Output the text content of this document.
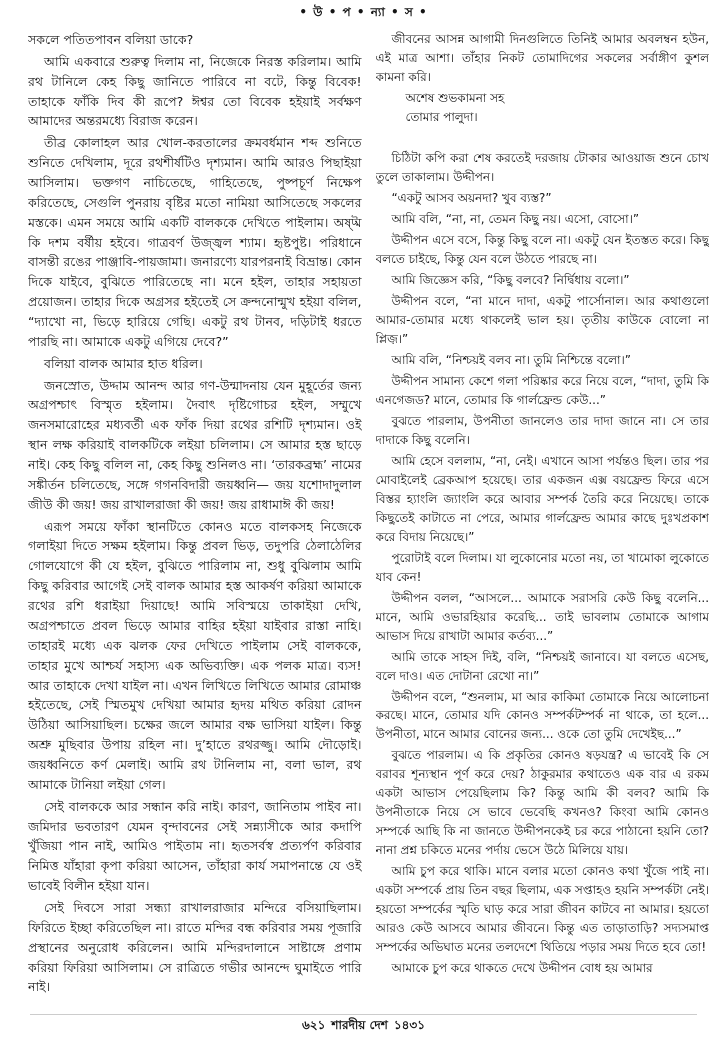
• উ • প • ন্যা • স •

সকলে পতিতপাবন বলিয়া ডাকে?

আমি একবারে শুরুত্ব দিলাম না, নিজেকে নিরস্ত করিলাম। আমি রথ টানিলে কেহ কিছু জানিতে পারিবে না বটে, কিন্তু বিবেক! তাহাকে ফাঁকি দিব কী রূপে? ঈশ্বর তো বিবেক হইয়াই সর্বক্ষণ আমাদের অন্তরমধ্যে বিরাজ করেন।

তীব্র কোলাহল আর খোল-করতালের ক্রমবর্ধমান শব্দ শুনিতে শুনিতে দেখিলাম, দূরে রথশীর্ষটিও দৃশ্যমান। আমি আরও পিছাইয়া আসিলাম। ভক্তগণ নাচিতেছে, গাহিতেছে, পুষ্পচূর্ণ নিক্ষেপ করিতেছে, সেগুলি পুনরায় বৃষ্টির মতো নামিয়া আসিতেছে সকলের মস্তকে। এমন সময়ে আমি একটি বালককে দেখিতে পাইলাম। অষ্ট্ম কি দশম বর্ষীয় হইবে। গাত্রবর্ণ উজ্জ্বল শ্যাম। হৃষ্টপুষ্ট। পরিধানে বাসন্তী রঙের পাঞ্জাবি-পায়জামা। জনারণ্যে যারপরনাই বিভ্রান্ত। কোন দিকে যাইবে, বুঝিতে পারিতেছে না। মনে হইল, তাহার সহায়তা প্রয়োজন। তাহার দিকে অগ্রসর হইতেই সে ক্রন্দনোন্মুখ হইয়া বলিল, “দ্যাখো না, ভিড়ে হারিয়ে গেছি। একটু রথ টানব, দড়িটাই ধরতে পারছি না। আমাকে একটু এগিয়ে দেবে?”

বলিয়া বালক আমার হাত ধরিল।

জনস্রোত, উদ্দাম আনন্দ আর গণ-উন্মাদনায় যেন মুহূর্তের জন্য অগ্রপশ্চাৎ বিস্মৃত হইলাম। দৈবাৎ দৃষ্টিগোচর হইল, সম্মুখে জনসমারোহের মধ্যবর্তী এক ফাঁক দিয়া রথের রশিটি দৃশ্যমান। ওই স্থান লক্ষ করিয়াই বালকটিকে লইয়া চলিলাম। সে আমার হস্ত ছাড়ে নাই। কেহ কিছু বলিল না, কেহ কিছু শুনিলও না। ‘তারকব্রহ্ম’ নামের সঙ্কীর্তন চলিতেছে, সঙ্গে গগনবিদারী জয়ধ্বনি— জয় যশোদাদুলাল জীউ কী জয়! জয় রাখালরাজা কী জয়! জয় রাধামাঈ কী জয়!

এরূপ সময়ে ফাঁকা স্থানটিতে কোনও মতে বালকসহ নিজেকে গলাইয়া দিতে সক্ষম হইলাম। কিন্তু প্রবল ভিড়, তদুপরি ঠেলাঠেলির গোলযোগে কী যে হইল, বুঝিতে পারিলাম না, শুধু বুঝিলাম আমি কিছু করিবার আগেই সেই বালক আমার হস্ত আকর্ষণ করিয়া আমাকে রথের রশি ধরাইয়া দিয়াছে! আমি সবিস্ময়ে তাকাইয়া দেখি, অগ্রপশ্চাতে প্রবল ভিড়ে আমার বাহির হইয়া যাইবার রাস্তা নাহি। তাহারই মধ্যে এক ঝলক ফের দেখিতে পাইলাম সেই বালককে, তাহার মুখে আশ্চর্য সহাস্য এক অভিব্যক্তি। এক পলক মাত্র। ব্যস! আর তাহাকে দেখা যাইল না। এখন লিখিতে লিখিতে আমার রোমাঞ্চ হইতেছে, সেই স্মিতমুখ দেখিয়া আমার হৃদয় মথিত করিয়া রোদন উঠিয়া আসিয়াছিল। চক্ষের জলে আমার বক্ষ ভাসিয়া যাইল। কিন্তু অশ্রু মুছিবার উপায় রহিল না। দু’হাতে রথরজ্জু। আমি দৌড়োই। জয়ধ্বনিতে কর্ণ মেলাই। আমি রথ টানিলাম না, বলা ভাল, রথ আমাকে টানিয়া লইয়া গেল।

সেই বালককে আর সন্ধান করি নাই। কারণ, জানিতাম পাইব না। জমিদার ভবতারণ যেমন বৃন্দাবনের সেই সন্ন্যাসীকে আর কদাপি খুঁজিয়া পান নাই, আমিও পাইতাম না। হৃতসর্বস্ব প্রত্যর্পণ করিবার নিমিত্ত যাঁহারা কৃপা করিয়া আসেন, তাঁহারা কার্য সমাপনান্তে যে ওই ভাবেই বিলীন হইয়া যান।

সেই দিবসে সারা সন্ধ্যা রাখালরাজার মন্দিরে বসিয়াছিলাম। ফিরিতে ইচ্ছা করিতেছিল না। রাতে মন্দির বন্ধ করিবার সময় পূজারি প্রস্থানের অনুরোধ করিলেন। আমি মন্দিরদালানে সাষ্টাঙ্গে প্রণাম করিয়া ফিরিয়া আসিলাম। সে রাত্রিতে গভীর আনন্দে ঘুমাইতে পারি নাই।

জীবনের আসন্ন আগামী দিনগুলিতে তিনিই আমার অবলম্বন হউন, এই মাত্র আশা। তাঁহার নিকট তোমাদিগের সকলের সর্বাঙ্গীণ কুশল কামনা করি।

অশেষ শুভকামনা সহ

তোমার পালুদা।

চিঠিটা কপি করা শেষ করতেই দরজায় টোকার আওয়াজ শুনে চোখ তুলে তাকালাম। উদ্দীপন।

“একটু আসব অয়নদা? খুব ব্যস্ত?”

আমি বলি, “না, না, তেমন কিছু নয়। এসো, বোসো।”

উদ্দীপন এসে বসে, কিন্তু কিছু বলে না। একটু যেন ইতস্তত করে। কিছু বলতে চাইছে, কিন্তু যেন বলে উঠতে পারছে না।

আমি জিজ্ঞেস করি, “কিছু বলবে? নির্দ্বিধায় বলো।”

উদ্দীপন বলে, “না মানে দাদা, একটু পার্সোনাল। আর কথাগুলো আমার-তোমার মধ্যে থাকলেই ভাল হয়। তৃতীয় কাউকে বোলো না প্লিজ়।”

আমি বলি, “নিশ্চয়ই বলব না। তুমি নিশ্চিন্তে বলো।”

উদ্দীপন সামান্য কেশে গলা পরিষ্কার করে নিয়ে বলে, “দাদা, তুমি কি এনগেজড? মানে, তোমার কি গার্লফ্রেন্ড কেউ...”

বুঝতে পারলাম, উপনীতা জানলেও তার দাদা জানে না। সে তার দাদাকে কিছু বলেনি।

আমি হেসে বললাম, “না, নেই। এখানে আসা পর্যন্তও ছিল। তার পর মোবাইলেই ব্রেকআপ হয়েছে। তার একজন এক্স বয়ফ্রেন্ড ফিরে এসে বিস্তর হ্যাংলি জ্যাংলি করে আবার সম্পর্ক তৈরি করে নিয়েছে। তাকে কিছুতেই কাটাতে না পেরে, আমার গার্লফ্রেন্ড আমার কাছে দুঃখপ্রকাশ করে বিদায় নিয়েছে।”

পুরোটাই বলে দিলাম। যা লুকোনোর মতো নয়, তা খামোকা লুকোতে যাব কেন!

উদ্দীপন বলল, “আসলে... আমাকে সরাসরি কেউ কিছু বলেনি... মানে, আমি ওভারহিয়ার করেছি... তাই ভাবলাম তোমাকে আগাম আভাস দিয়ে রাখাটা আমার কর্তব্য...”

আমি তাকে সাহস দিই, বলি, “নিশ্চয়ই জানাবে। যা বলতে এসেছ, বলে দাও। এত দোটানা রেখো না।”

উদ্দীপন বলে, “শুনলাম, মা আর কাকিমা তোমাকে নিয়ে আলোচনা করছে। মানে, তোমার যদি কোনও সম্পর্কটম্পর্ক না থাকে, তা হলে... উপনীতা, মানে আমার বোনের জন্য... ওকে তো তুমি দেখেইছ...”

বুঝতে পারলাম। এ কি প্রকৃতির কোনও ষড়যন্ত্র? এ ভাবেই কি সে বরাবর শূন্যস্থান পূর্ণ করে দেয়? ঠাকুরমার কথাতেও এক বার এ রকম একটা আভাস পেয়েছিলাম কি? কিন্তু আমি কী বলব? আমি কি উপনীতাকে নিয়ে সে ভাবে ভেবেছি কখনও? কিংবা আমি কোনও সম্পর্কে আছি কি না জানতে উদ্দীপনকেই চর করে পাঠানো হয়নি তো? নানা প্রশ্ন চকিতে মনের পর্দায় ভেসে উঠে মিলিয়ে যায়।

আমি চুপ করে থাকি। মানে বলার মতো কোনও কথা খুঁজে পাই না। একটা সম্পর্কে প্রায় তিন বছর ছিলাম, এক সপ্তাহও হয়নি সম্পর্কটা নেই। হয়তো সম্পর্কের স্মৃতি ঘাড় করে সারা জীবন কাটবে না আমার। হয়তো আরও কেউ আসবে আমার জীবনে। কিন্তু এত তাড়াতাড়ি? সদ্যসমাপ্ত সম্পর্কের অভিঘাত মনের তলদেশে থিতিয়ে পড়ার সময় দিতে হবে তো!

আমাকে চুপ করে থাকতে দেখে উদ্দীপন বোধ হয় আমার

৬২১ শারদীয় দেশ ১৪৩১
